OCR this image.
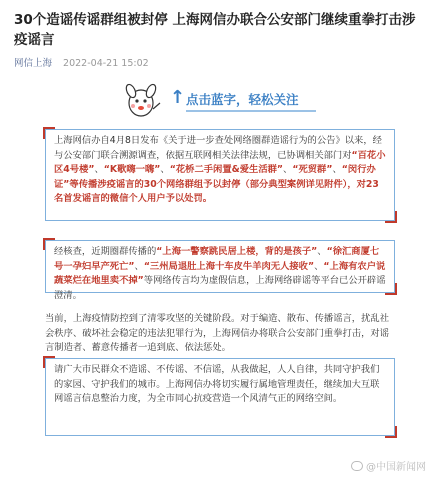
30个造谣传谣群组被封停 上海网信办联合公安部门继续重拳打击涉疫谣言
网信上海 2022-04-21 15:02
↑ 点击蓝字，轻松关注
上海网信办自4月8日发布《关于进一步查处网络圈群造谣行为的公告》以来，经与公安部门联合溯源调查，依据互联网相关法律法规，已协调相关部门对“百花小区4号楼”、“K歌嗨一嗨”、“花桥二手闲置&爱生活群”、“死贸群”、“闵行办证”等传播涉疫谣言的30个网络群组予以封停（部分典型案例详见附件），对23名首发谣言的微信个人用户予以处罚。
经核查，近期圈群传播的“上海一警察跳民居上楼，背的是孩子”、“徐汇商厦七号一孕妇早产死亡”、“三州局退肚上海十车皮牛羊肉无人接收”、“上海有农户说蔬菜烂在地里卖不掉”等网络传言均为虚假信息，上海网络辟谣等平台已公开辟谣澄清。
当前，上海疫情防控到了清零攻坚的关键阶段。对于编造、散布、传播谣言，扰乱社会秩序、破坏社会稳定的违法犯罪行为，上海网信办将联合公安部门重拳打击，对谣言制造者、蓄意传播者一追到底、依法惩处。
请广大市民群众不造谣、不传谣、不信谣，从我做起，人人自律，共同守护我们的家园、守护我们的城市。上海网信办将切实履行属地管理责任，继续加大互联网谣言信息整治力度，为全市同心抗疫营造一个风清气正的网络空间。
@中国新闻网
